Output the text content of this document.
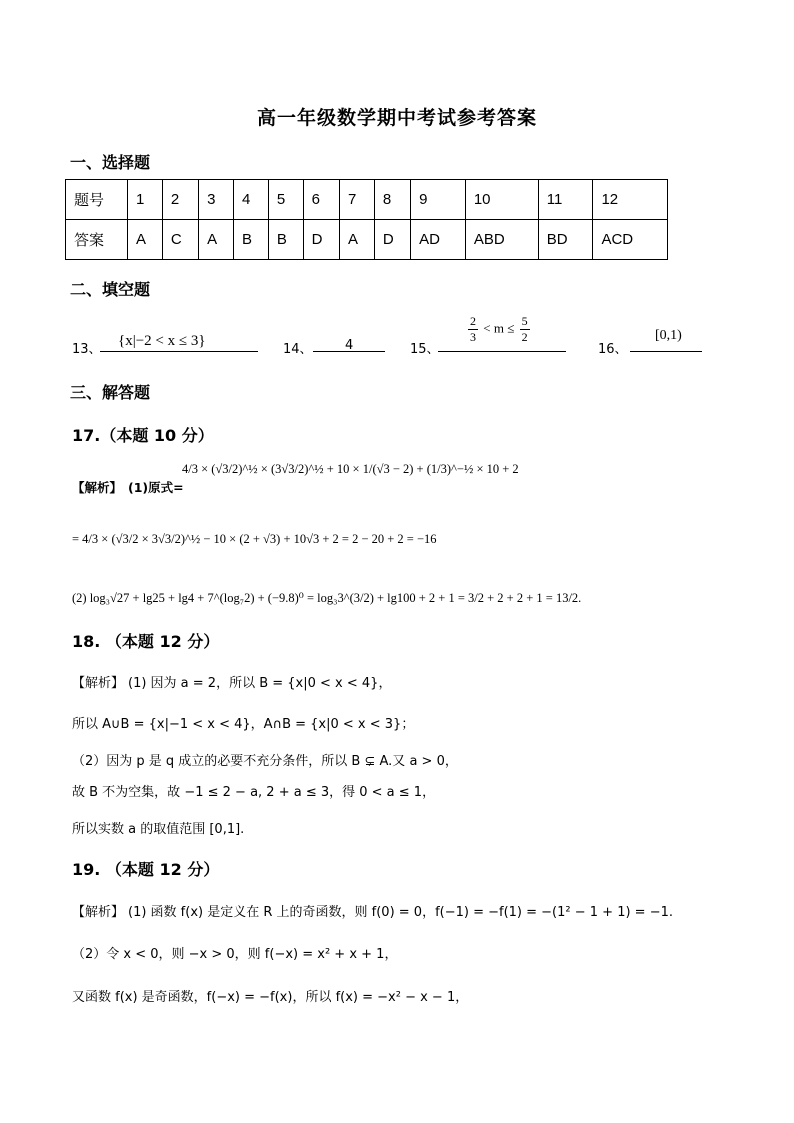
高一年级数学期中考试参考答案
一、选择题
题号	1	2	3	4	5	6	7	8	9	10	11	12
答案	A	C	A	B	B	D	A	D	AD	ABD	BD	ACD
二、填空题
13、
{x|−2 < x ≤ 3}
14、 4	15、
$\frac{2}{3} < m \le \frac{5}{2}$
16、
[0,1)
三、解答题
17.（本题 10 分）
【解析】 (1)原式=
4/3 × (√3/2)^½ × (3√3/2)^½ + 10 × 1/(√3 − 2) + (1/3)^−½ × 10 + 2
= 4/3 × (√3/2 × 3√3/2)^½ − 10 × (2 + √3) + 10√3 + 2 = 2 − 20 + 2 = −16
(2) log₃√27 + lg25 + lg4 + 7^(log₇2) + (−9.8)⁰ = log₃3^(3/2) + lg100 + 2 + 1 = 3/2 + 2 + 2 + 1 = 13/2.
18. （本题 12 分）
【解析】 (1) 因为 a = 2，所以 B = {x|0 < x < 4}，
所以 A∪B = {x|−1 < x < 4}，A∩B = {x|0 < x < 3}；
（2）因为 p 是 q 成立的必要不充分条件，所以 B ⊊ A.又 a > 0，
故 B 不为空集，故 −1 ≤ 2 − a, 2 + a ≤ 3，得 0 < a ≤ 1，
所以实数 a 的取值范围 [0,1].
19. （本题 12 分）
【解析】 (1) 函数 f(x) 是定义在 R 上的奇函数，则 f(0) = 0，f(−1) = −f(1) = −(1² − 1 + 1) = −1.
（2）令 x < 0，则 −x > 0，则 f(−x) = x² + x + 1，
又函数 f(x) 是奇函数，f(−x) = −f(x)，所以 f(x) = −x² − x − 1，
